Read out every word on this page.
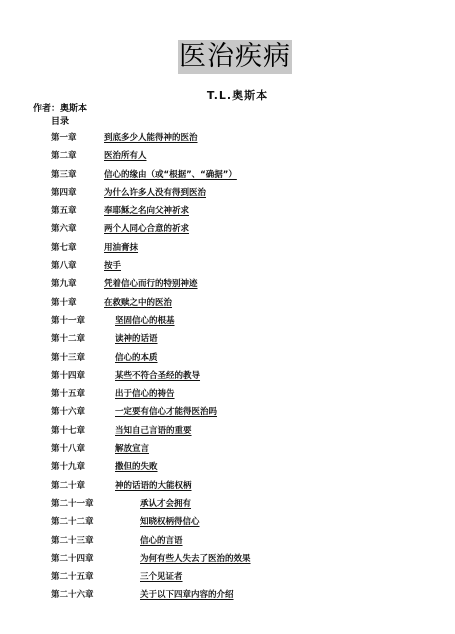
医治疾病
T.L.奥斯本
作者：奥斯本
目录
第一章	到底多少人能得神的医治
第二章	医治所有人
第三章	信心的缘由（或“根据”、“确据”）
第四章	为什么许多人没有得到医治
第五章	奉耶稣之名向父神祈求
第六章	两个人同心合意的祈求
第七章	用油膏抹
第八章	按手
第九章	凭着信心而行的特别神迹
第十章	在救赎之中的医治
第十一章	坚固信心的根基
第十二章	读神的话语
第十三章	信心的本质
第十四章	某些不符合圣经的教导
第十五章	出于信心的祷告
第十六章	一定要有信心才能得医治吗
第十七章	当知自己言语的重要
第十八章	解放宣言
第十九章	撒但的失败
第二十章	神的话语的大能权柄
第二十一章	承认才会拥有
第二十二章	知晓权柄得信心
第二十三章	信心的言语
第二十四章	为何有些人失去了医治的效果
第二十五章	三个见证者
第二十六章	关于以下四章内容的介绍
